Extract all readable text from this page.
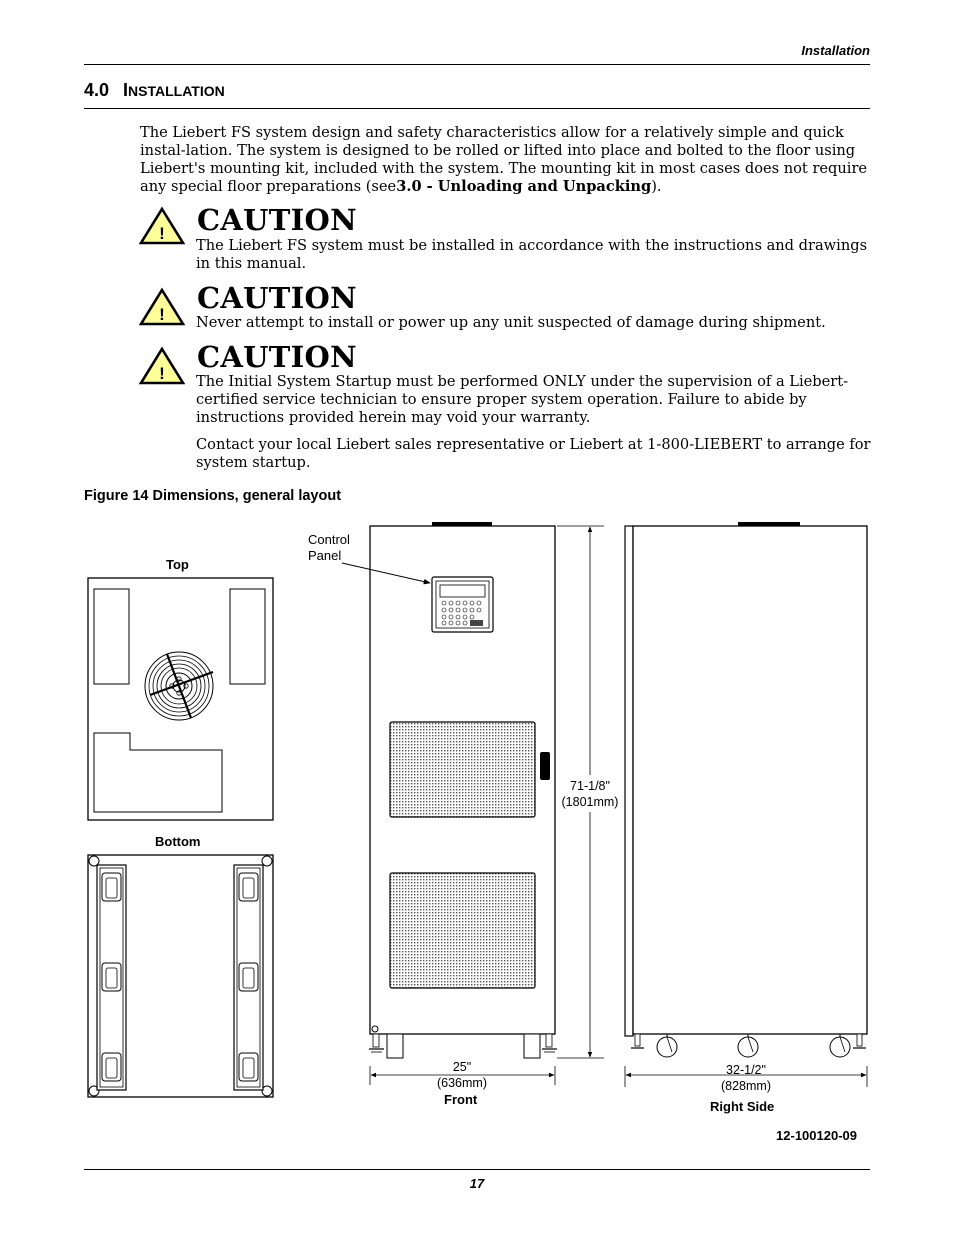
Installation
4.0 INSTALLATION
The Liebert FS system design and safety characteristics allow for a relatively simple and quick instal-lation. The system is designed to be rolled or lifted into place and bolted to the floor using Liebert's mounting kit, included with the system. The mounting kit in most cases does not require any special floor preparations (see3.0 - Unloading and Unpacking).
! CAUTION
The Liebert FS system must be installed in accordance with the instructions and drawings in this manual.
! CAUTION
Never attempt to install or power up any unit suspected of damage during shipment.
! CAUTION
The Initial System Startup must be performed ONLY under the supervision of a Liebert-certified service technician to ensure proper system operation. Failure to abide by instructions provided herein may void your warranty.
Contact your local Liebert sales representative or Liebert at 1-800-LIEBERT to arrange for system startup.
Figure 14 Dimensions, general layout
Top
Bottom
Control
Panel
71-1/8"
(1801mm)
25"
(636mm)
Front
32-1/2"
(828mm)
Right Side
12-100120-09
17
